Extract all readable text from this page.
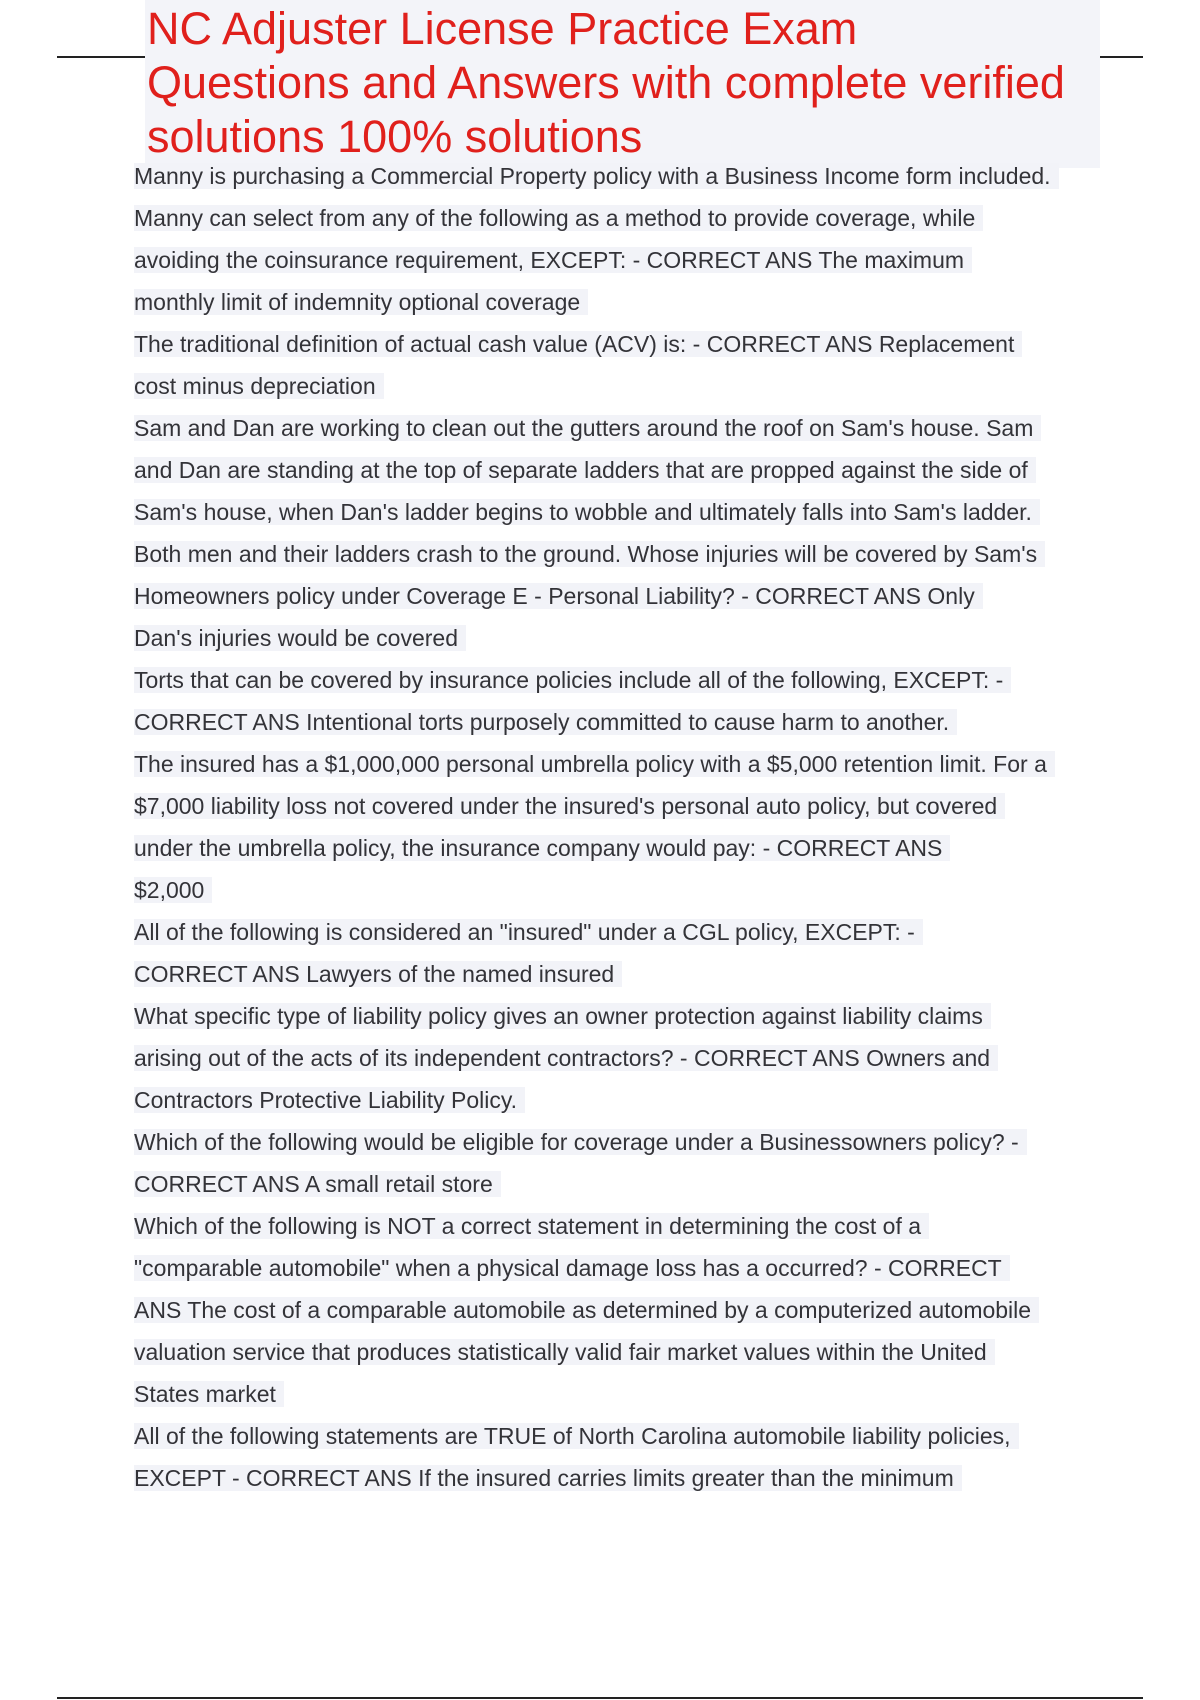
NC Adjuster License Practice Exam
Questions and Answers with complete verified
solutions 100% solutions
Manny is purchasing a Commercial Property policy with a Business Income form included.
Manny can select from any of the following as a method to provide coverage, while
avoiding the coinsurance requirement, EXCEPT: - CORRECT ANS The maximum
monthly limit of indemnity optional coverage
The traditional definition of actual cash value (ACV) is: - CORRECT ANS Replacement
cost minus depreciation
Sam and Dan are working to clean out the gutters around the roof on Sam's house. Sam
and Dan are standing at the top of separate ladders that are propped against the side of
Sam's house, when Dan's ladder begins to wobble and ultimately falls into Sam's ladder.
Both men and their ladders crash to the ground. Whose injuries will be covered by Sam's
Homeowners policy under Coverage E - Personal Liability? - CORRECT ANS Only
Dan's injuries would be covered
Torts that can be covered by insurance policies include all of the following, EXCEPT: -
CORRECT ANS Intentional torts purposely committed to cause harm to another.
The insured has a $1,000,000 personal umbrella policy with a $5,000 retention limit. For a
$7,000 liability loss not covered under the insured's personal auto policy, but covered
under the umbrella policy, the insurance company would pay: - CORRECT ANS
$2,000
All of the following is considered an "insured" under a CGL policy, EXCEPT: -
CORRECT ANS Lawyers of the named insured
What specific type of liability policy gives an owner protection against liability claims
arising out of the acts of its independent contractors? - CORRECT ANS Owners and
Contractors Protective Liability Policy.
Which of the following would be eligible for coverage under a Businessowners policy? -
CORRECT ANS A small retail store
Which of the following is NOT a correct statement in determining the cost of a
"comparable automobile" when a physical damage loss has a occurred? - CORRECT
ANS The cost of a comparable automobile as determined by a computerized automobile
valuation service that produces statistically valid fair market values within the United
States market
All of the following statements are TRUE of North Carolina automobile liability policies,
EXCEPT - CORRECT ANS If the insured carries limits greater than the minimum
